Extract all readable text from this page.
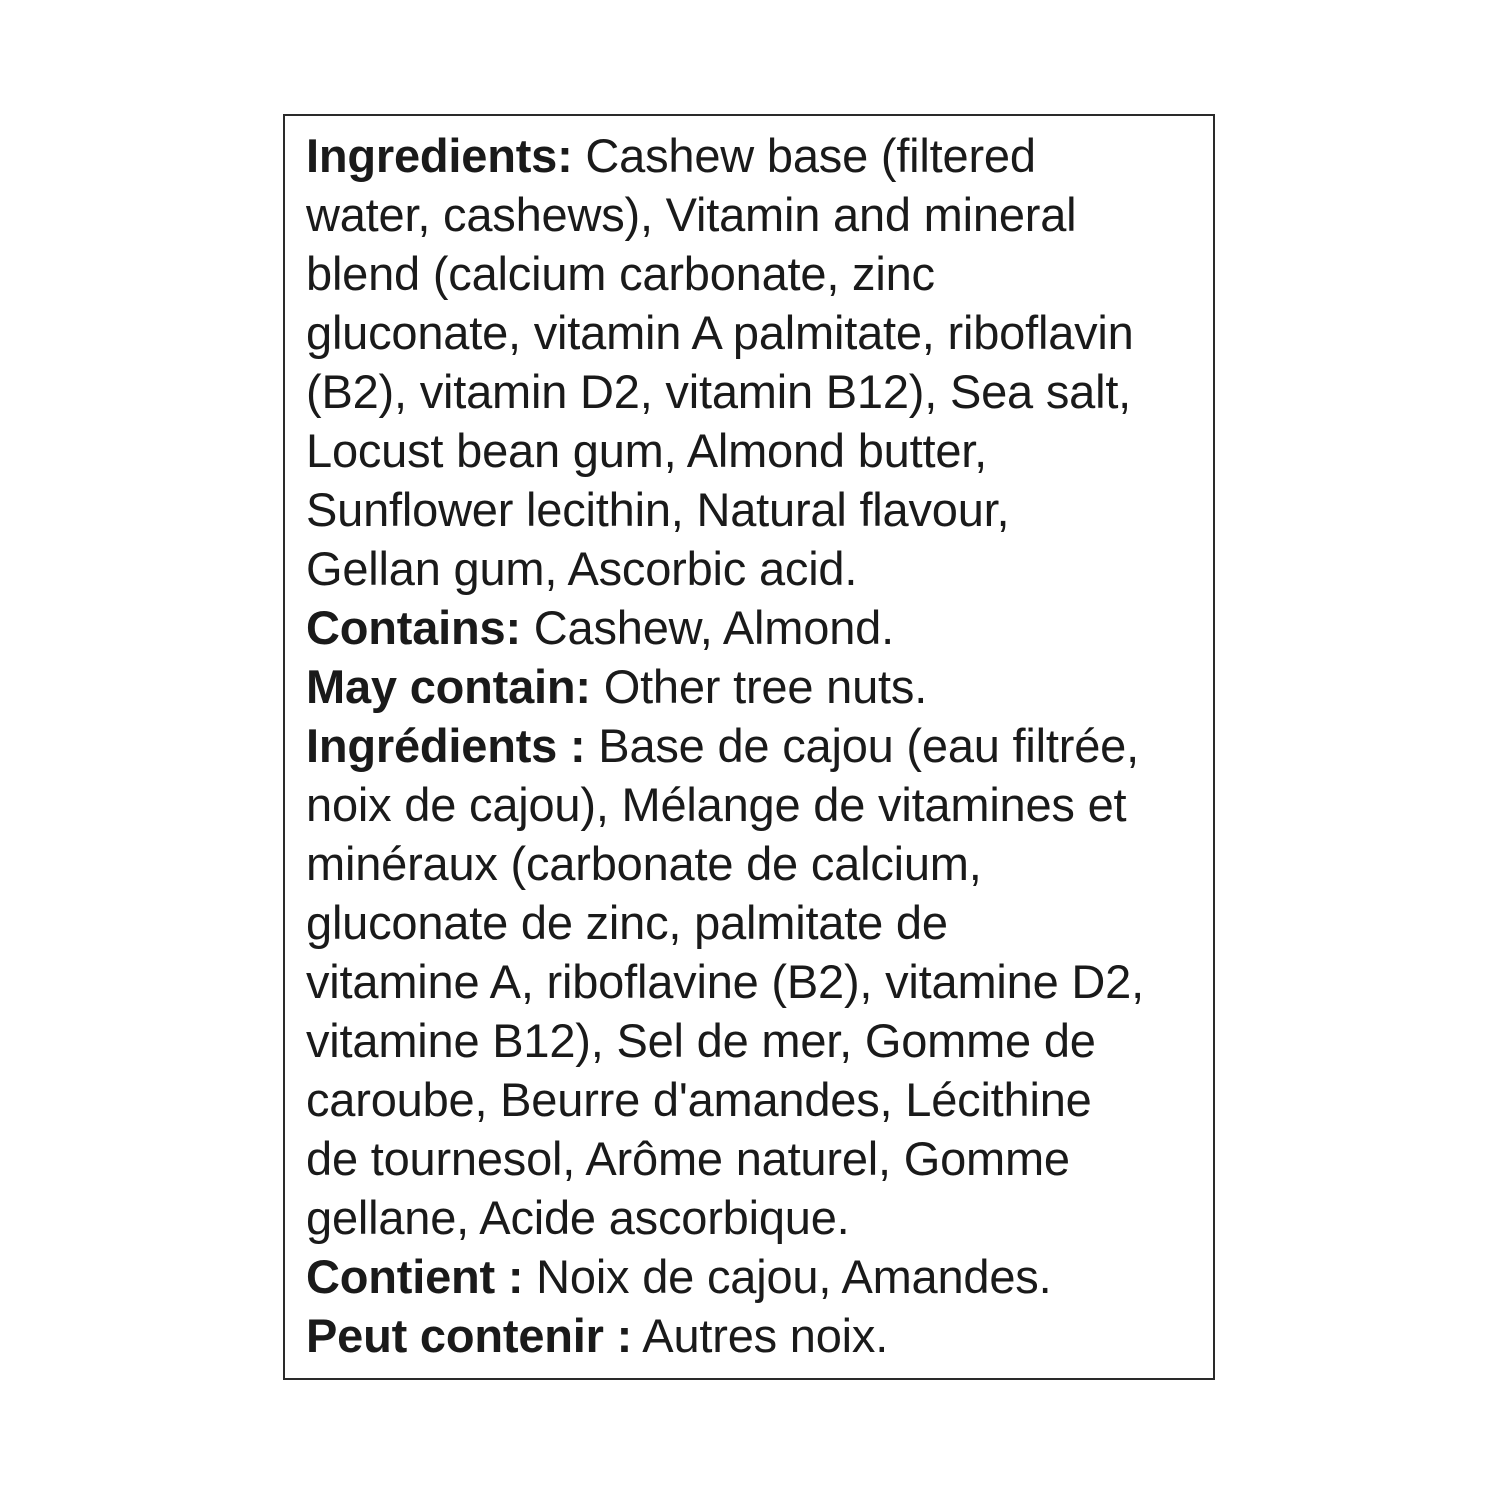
Ingredients: Cashew base (filtered
water, cashews), Vitamin and mineral
blend (calcium carbonate, zinc
gluconate, vitamin A palmitate, riboflavin
(B2), vitamin D2, vitamin B12), Sea salt,
Locust bean gum, Almond butter,
Sunflower lecithin, Natural flavour,
Gellan gum, Ascorbic acid.
Contains: Cashew, Almond.
May contain: Other tree nuts.
Ingrédients : Base de cajou (eau filtrée,
noix de cajou), Mélange de vitamines et
minéraux (carbonate de calcium,
gluconate de zinc, palmitate de
vitamine A, riboflavine (B2), vitamine D2,
vitamine B12), Sel de mer, Gomme de
caroube, Beurre d'amandes, Lécithine
de tournesol, Arôme naturel, Gomme
gellane, Acide ascorbique.
Contient : Noix de cajou, Amandes.
Peut contenir : Autres noix.
